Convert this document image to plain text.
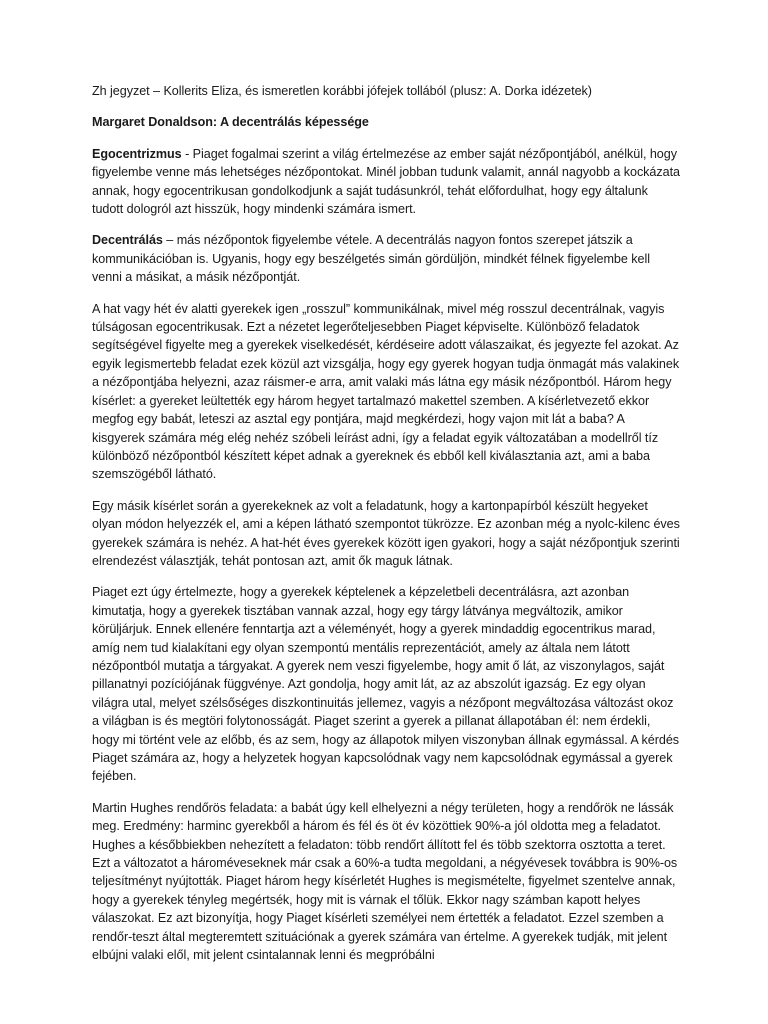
Zh jegyzet – Kollerits Eliza, és ismeretlen korábbi jófejek tollából (plusz: A. Dorka idézetek)

Margaret Donaldson: A decentrálás képessége

Egocentrizmus - Piaget fogalmai szerint a világ értelmezése az ember saját nézőpontjából, anélkül, hogy figyelembe venne más lehetséges nézőpontokat. Minél jobban tudunk valamit, annál nagyobb a kockázata annak, hogy egocentrikusan gondolkodjunk a saját tudásunkról, tehát előfordulhat, hogy egy általunk tudott dologról azt hisszük, hogy mindenki számára ismert.

Decentrálás – más nézőpontok figyelembe vétele. A decentrálás nagyon fontos szerepet játszik a kommunikációban is. Ugyanis, hogy egy beszélgetés simán gördüljön, mindkét félnek figyelembe kell venni a másikat, a másik nézőpontját.

A hat vagy hét év alatti gyerekek igen „rosszul” kommunikálnak, mivel még rosszul decentrálnak, vagyis túlságosan egocentrikusak. Ezt a nézetet legerőteljesebben Piaget képviselte. Különböző feladatok segítségével figyelte meg a gyerekek viselkedését, kérdéseire adott válaszaikat, és jegyezte fel azokat. Az egyik legismertebb feladat ezek közül azt vizsgálja, hogy egy gyerek hogyan tudja önmagát más valakinek a nézőpontjába helyezni, azaz ráismer-e arra, amit valaki más látna egy másik nézőpontból. Három hegy kísérlet: a gyereket leültették egy három hegyet tartalmazó makettel szemben. A kísérletvezető ekkor megfog egy babát, leteszi az asztal egy pontjára, majd megkérdezi, hogy vajon mit lát a baba? A kisgyerek számára még elég nehéz szóbeli leírást adni, így a feladat egyik változatában a modellről tíz különböző nézőpontból készített képet adnak a gyereknek és ebből kell kiválasztania azt, ami a baba szemszögéből látható.

Egy másik kísérlet során a gyerekeknek az volt a feladatunk, hogy a kartonpapírból készült hegyeket olyan módon helyezzék el, ami a képen látható szempontot tükrözze. Ez azonban még a nyolc-kilenc éves gyerekek számára is nehéz. A hat-hét éves gyerekek között igen gyakori, hogy a saját nézőpontjuk szerinti elrendezést választják, tehát pontosan azt, amit ők maguk látnak.

Piaget ezt úgy értelmezte, hogy a gyerekek képtelenek a képzeletbeli decentrálásra, azt azonban kimutatja, hogy a gyerekek tisztában vannak azzal, hogy egy tárgy látványa megváltozik, amikor körüljárjuk. Ennek ellenére fenntartja azt a véleményét, hogy a gyerek mindaddig egocentrikus marad, amíg nem tud kialakítani egy olyan szempontú mentális reprezentációt, amely az általa nem látott nézőpontból mutatja a tárgyakat. A gyerek nem veszi figyelembe, hogy amit ő lát, az viszonylagos, saját pillanatnyi pozíciójának függvénye. Azt gondolja, hogy amit lát, az az abszolút igazság. Ez egy olyan világra utal, melyet szélsőséges diszkontinuitás jellemez, vagyis a nézőpont megváltozása változást okoz a világban is és megtöri folytonosságát. Piaget szerint a gyerek a pillanat állapotában él: nem érdekli, hogy mi történt vele az előbb, és az sem, hogy az állapotok milyen viszonyban állnak egymással. A kérdés Piaget számára az, hogy a helyzetek hogyan kapcsolódnak vagy nem kapcsolódnak egymással a gyerek fejében.

Martin Hughes rendőrös feladata: a babát úgy kell elhelyezni a négy területen, hogy a rendőrök ne lássák meg. Eredmény: harminc gyerekből a három és fél és öt év közöttiek 90%-a jól oldotta meg a feladatot. Hughes a későbbiekben nehezített a feladaton: több rendőrt állított fel és több szektorra osztotta a teret. Ezt a változatot a hároméveseknek már csak a 60%-a tudta megoldani, a négyévesek továbbra is 90%-os teljesítményt nyújtották. Piaget három hegy kísérletét Hughes is megismételte, figyelmet szentelve annak, hogy a gyerekek tényleg megértsék, hogy mit is várnak el tőlük. Ekkor nagy számban kapott helyes válaszokat. Ez azt bizonyítja, hogy Piaget kísérleti személyei nem értették a feladatot. Ezzel szemben a rendőr-teszt által megteremtett szituációnak a gyerek számára van értelme. A gyerekek tudják, mit jelent elbújni valaki elől, mit jelent csintalannak lenni és megpróbálni
